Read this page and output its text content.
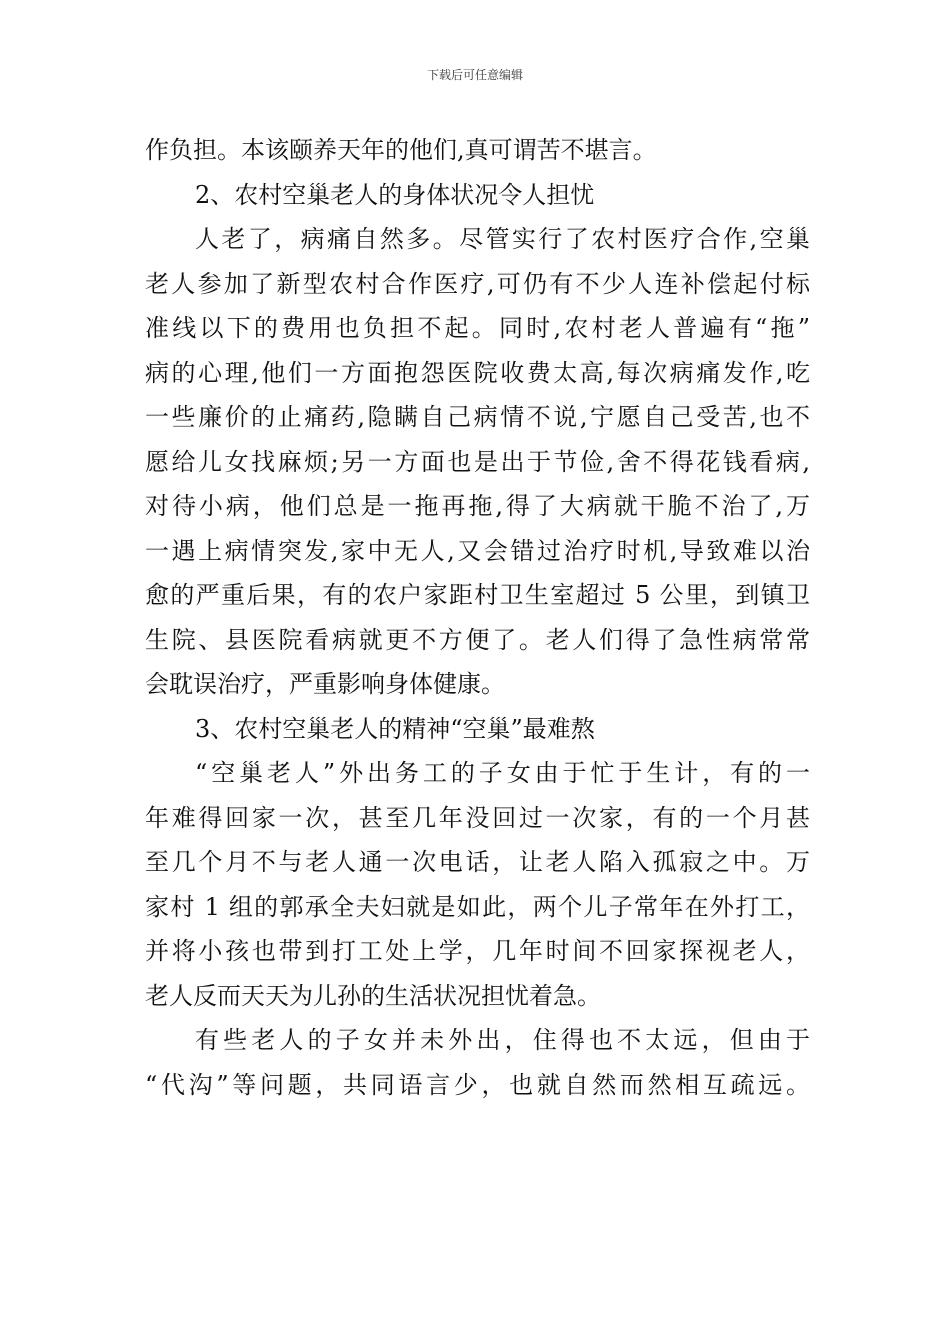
下载后可任意编辑
作负担。本该颐养天年的他们,真可谓苦不堪言。
2、农村空巢老人的身体状况令人担忧
人老了，病痛自然多。尽管实行了农村医疗合作,空巢
老人参加了新型农村合作医疗,可仍有不少人连补偿起付标
准线以下的费用也负担不起。同时,农村老人普遍有“拖”
病的心理,他们一方面抱怨医院收费太高,每次病痛发作,吃
一些廉价的止痛药,隐瞒自己病情不说,宁愿自己受苦,也不
愿给儿女找麻烦;另一方面也是出于节俭,舍不得花钱看病,
对待小病，他们总是一拖再拖,得了大病就干脆不治了,万
一遇上病情突发,家中无人,又会错过治疗时机,导致难以治
愈的严重后果，有的农户家距村卫生室超过 5 公里，到镇卫
生院、县医院看病就更不方便了。老人们得了急性病常常
会耽误治疗，严重影响身体健康。
3、农村空巢老人的精神“空巢”最难熬
“空巢老人”外出务工的子女由于忙于生计，有的一
年难得回家一次，甚至几年没回过一次家，有的一个月甚
至几个月不与老人通一次电话，让老人陷入孤寂之中。万
家村 1 组的郭承全夫妇就是如此，两个儿子常年在外打工，
并将小孩也带到打工处上学，几年时间不回家探视老人，
老人反而天天为儿孙的生活状况担忧着急。
有些老人的子女并未外出，住得也不太远，但由于
“代沟”等问题，共同语言少，也就自然而然相互疏远。
